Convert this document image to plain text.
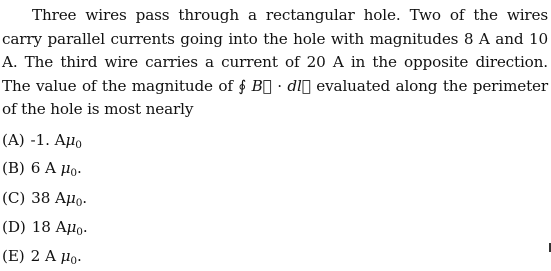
Three wires pass through a rectangular hole. Two of the wires carry parallel currents going into the hole with magnitudes 8 A and 10 A. The third wire carries a current of 20 A in the opposite direction. The value of the magnitude of ∮ B⃗ · dl⃗ evaluated along the perimeter of the hole is most nearly

(A) -1. $A\mu_0$
(B) 6 A $\mu_0$.
(C) 38 $A\mu_0$.
(D) 18 $A\mu_0$.
(E) 2 A $\mu_0$.
